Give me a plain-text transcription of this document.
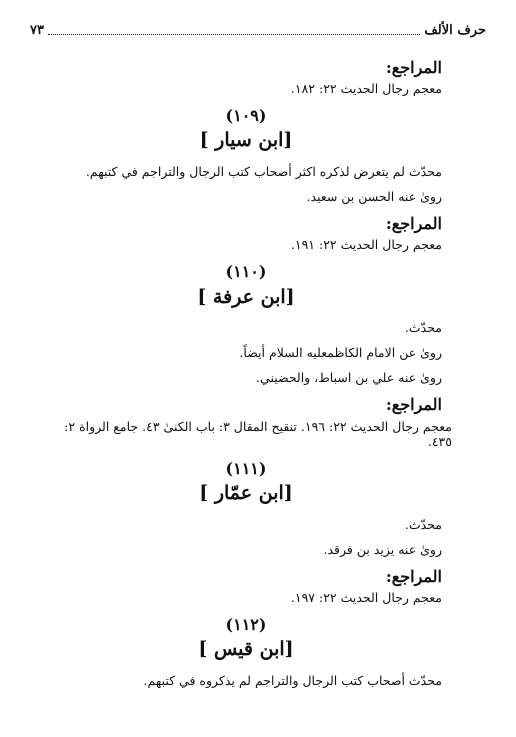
حرف الألف
٧٣
المراجع:
معجم رجال الحديث ٢٢: ١٨٢.
(١٠٩)
[ابن سيار ]
محدّث لم يتعرض لذكره اكثر أصحاب كتب الرجال والتراجم في كتبهم.
روىٰ عنه الحسن بن سعيد.
المراجع:
معجم رجال الحديث ٢٢: ١٩١.
(١١٠)
[ابن عرفة ]
محدّث.
روىٰ عن الامام الكاظمعليه السلام أيضاً.
روىٰ عنه علي بن اسباط، والحضيني.
المراجع:
معجم رجال الحديث ٢٢: ١٩٦. تنقيح المقال ٣: باب الكنىٰ ٤٣. جامع الرواة ٢:
٤٣٥.
(١١١)
[ابن عمّار ]
محدّث.
روىٰ عنه يزيد بن فرقد.
المراجع:
معجم رجال الحديث ٢٢: ١٩٧.
(١١٢)
[ابن قيس ]
محدّث أصحاب كتب الرجال والتراجم لم يذكروه في كتبهم.
